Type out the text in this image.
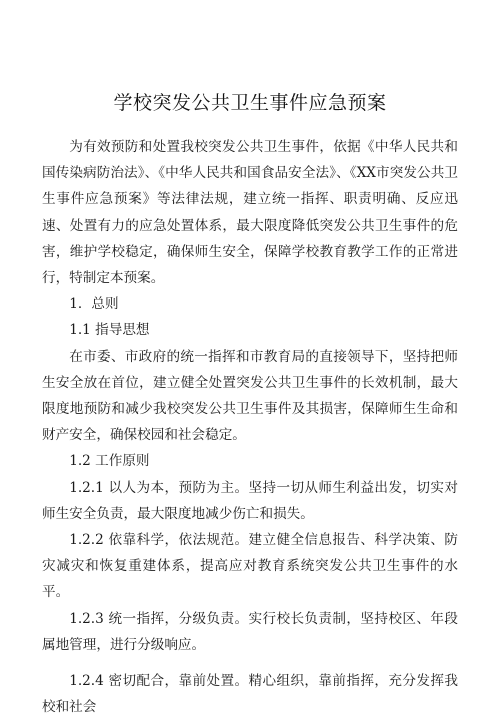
学校突发公共卫生事件应急预案

为有效预防和处置我校突发公共卫生事件，依据《中华人民共和国传染病防治法》、《中华人民共和国食品安全法》、《XX市突发公共卫生事件应急预案》等法律法规，建立统一指挥、职责明确、反应迅速、处置有力的应急处置体系，最大限度降低突发公共卫生事件的危害，维护学校稳定，确保师生安全，保障学校教育教学工作的正常进行，特制定本预案。

1．总则

1.1 指导思想

在市委、市政府的统一指挥和市教育局的直接领导下，坚持把师生安全放在首位，建立健全处置突发公共卫生事件的长效机制，最大限度地预防和减少我校突发公共卫生事件及其损害，保障师生生命和财产安全，确保校园和社会稳定。

1.2 工作原则

1.2.1 以人为本，预防为主。坚持一切从师生利益出发，切实对师生安全负责，最大限度地减少伤亡和损失。

1.2.2 依靠科学，依法规范。建立健全信息报告、科学决策、防灾减灾和恢复重建体系，提高应对教育系统突发公共卫生事件的水平。

1.2.3 统一指挥，分级负责。实行校长负责制，坚持校区、年段属地管理，进行分级响应。

1.2.4 密切配合，靠前处置。精心组织，靠前指挥，充分发挥我校和社会
